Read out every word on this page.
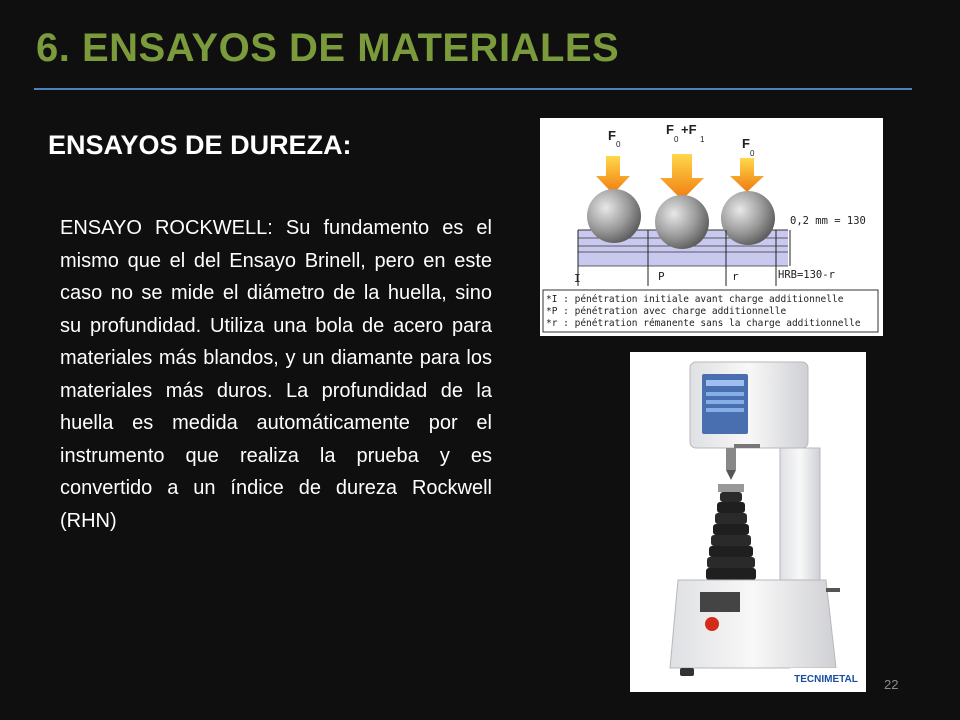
6. ENSAYOS DE MATERIALES
ENSAYOS DE DUREZA:

ENSAYO ROCKWELL: Su fundamento es el mismo que el del Ensayo Brinell, pero en este caso no se mide el diámetro de la huella, sino su profundidad. Utiliza una bola de acero para materiales más blandos, y un diamante para los materiales más duros. La profundidad de la huella es medida automáticamente por el instrumento que realiza la prueba y es convertido a un índice de dureza Rockwell (RHN)

F
0
F
0
+F
1	F
0
0,2 mm = 130
HRB=130-r
I	P	r
*I : pénétration initiale avant charge additionnelle
*P : pénétration avec charge additionnelle
*r : pénétration rémanente sans la charge additionnelle
TECNIMETAL 22
